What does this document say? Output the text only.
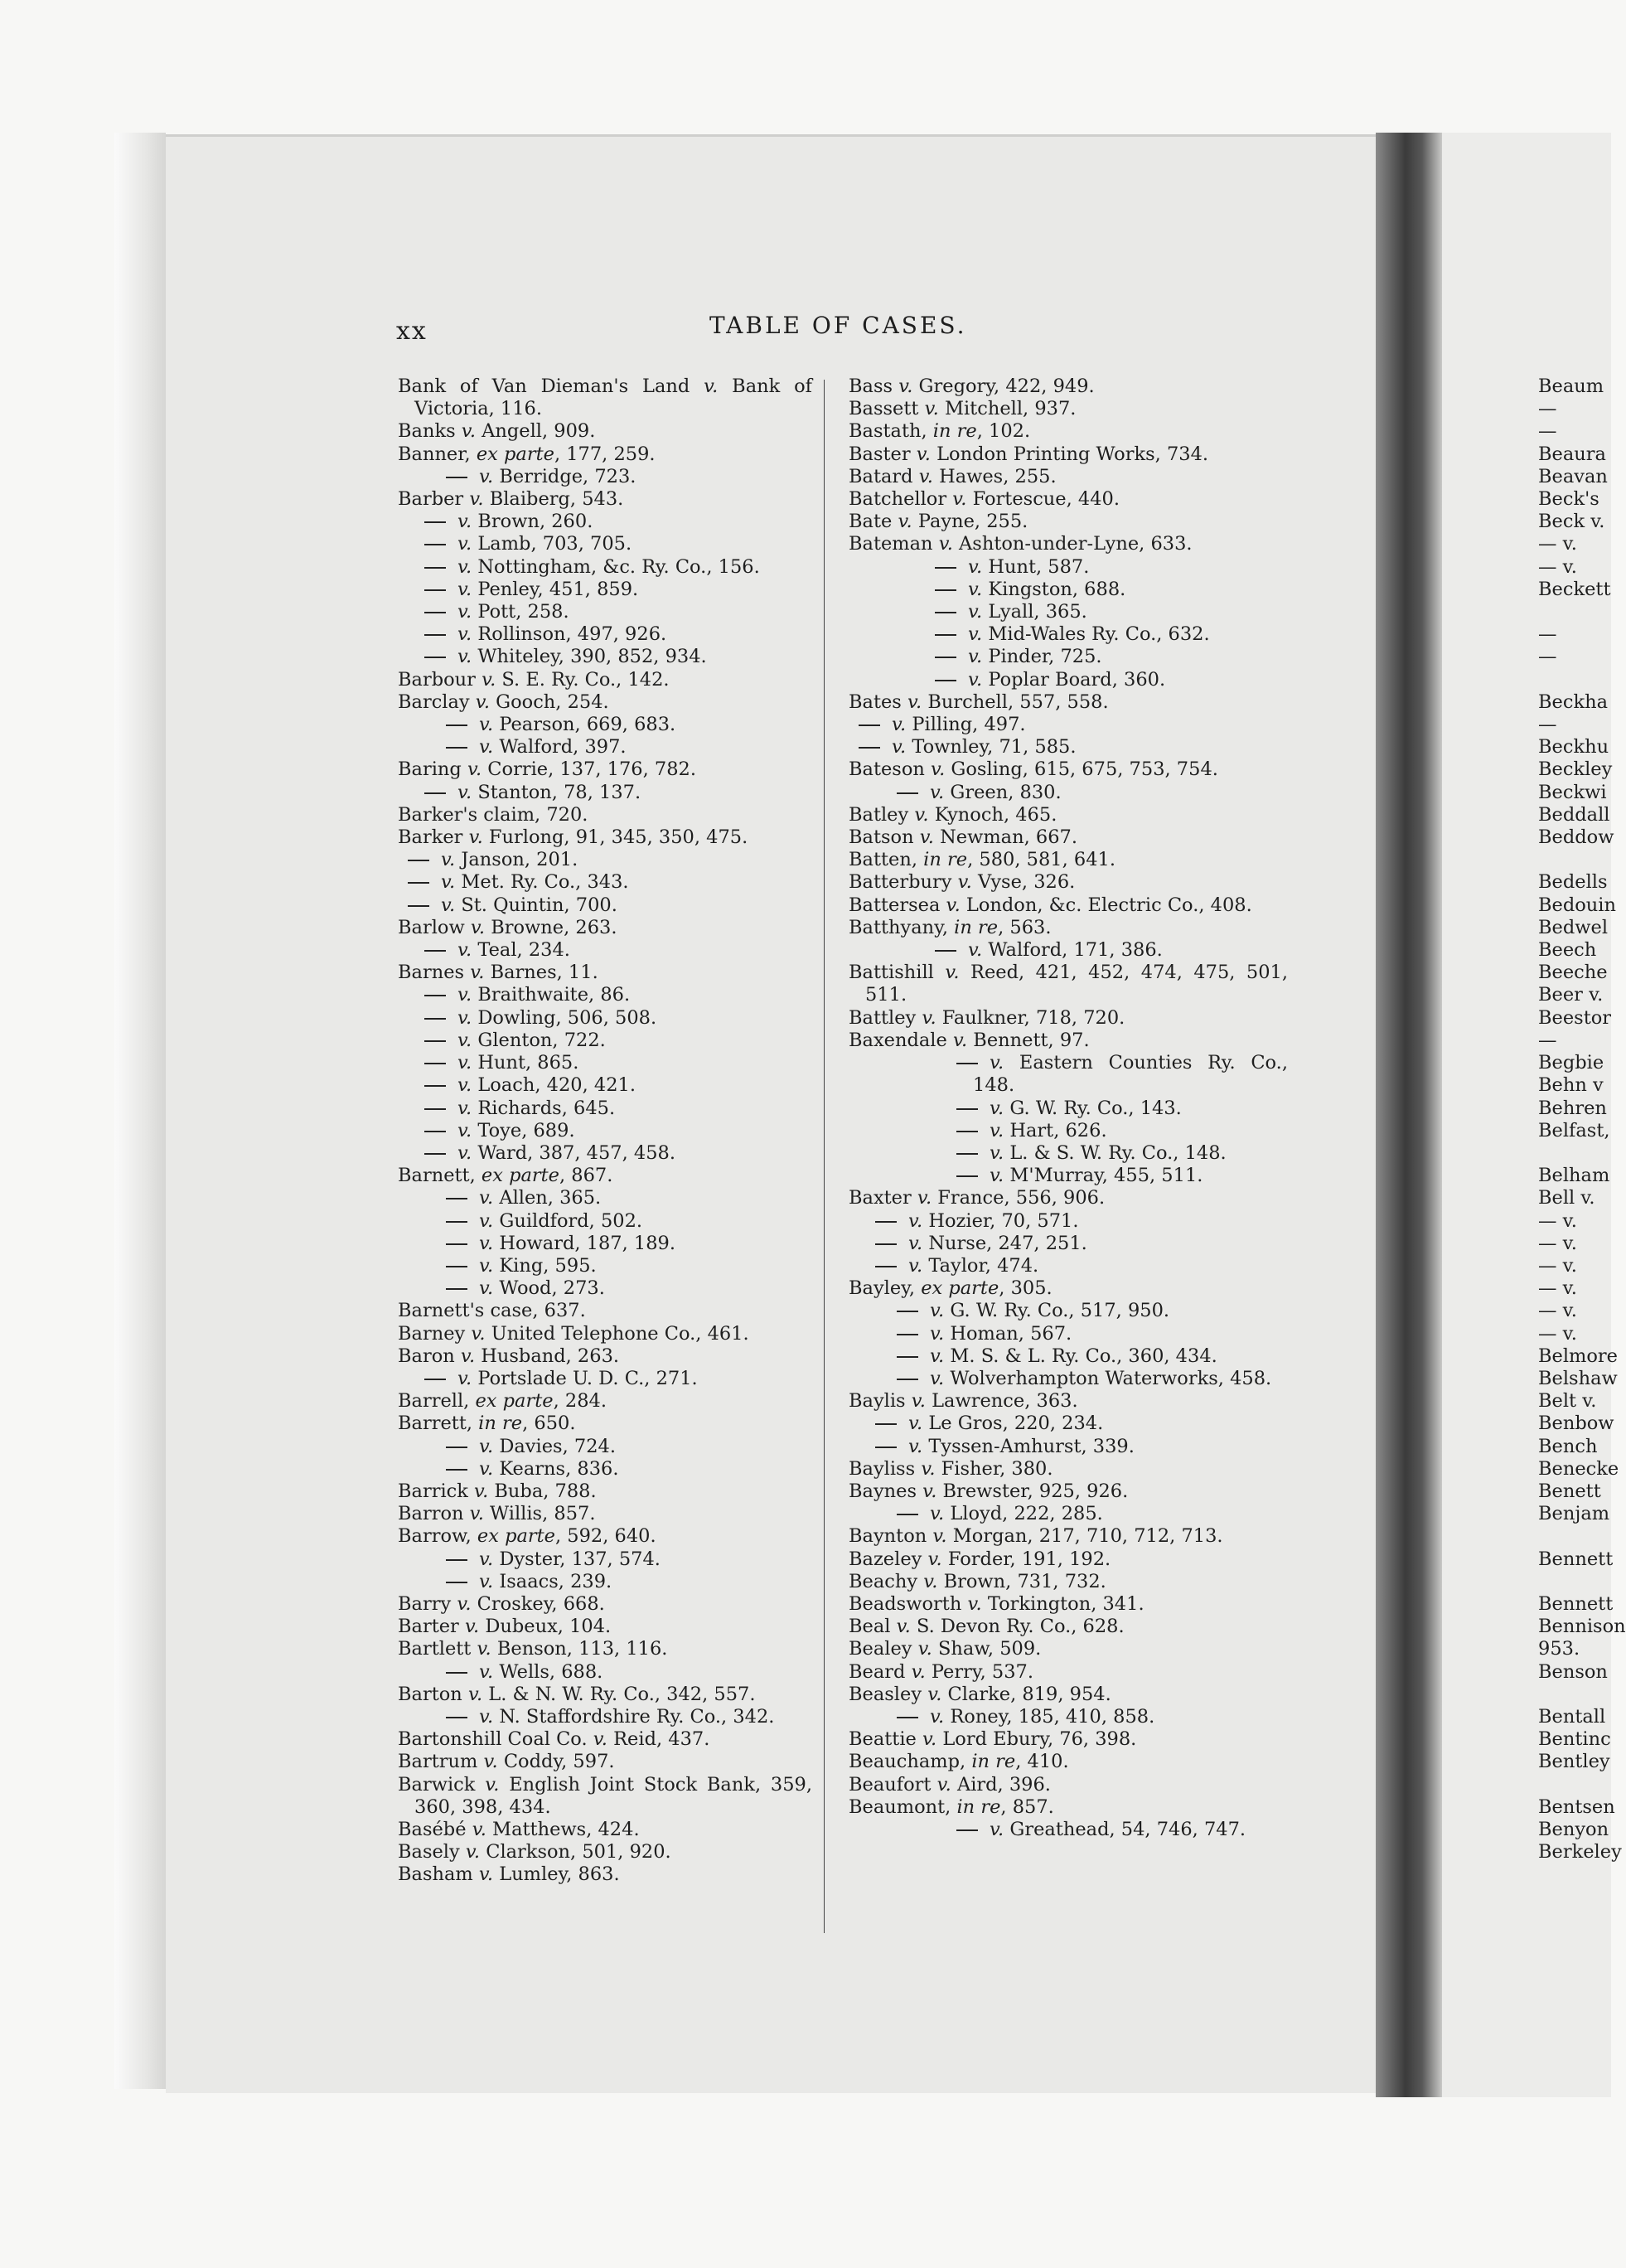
xx	TABLE OF CASES.
Bank of Van Dieman's Land v. Bank of Victoria, 116.
Banks v. Angell, 909.
Banner, ex parte, 177, 259.
v. Berridge, 723.
Barber v. Blaiberg, 543.
v. Brown, 260.
v. Lamb, 703, 705.
v. Nottingham, &c. Ry. Co., 156.
v. Penley, 451, 859.
v. Pott, 258.
v. Rollinson, 497, 926.
v. Whiteley, 390, 852, 934.
Barbour v. S. E. Ry. Co., 142.
Barclay v. Gooch, 254.
v. Pearson, 669, 683.
v. Walford, 397.
Baring v. Corrie, 137, 176, 782.
v. Stanton, 78, 137.
Barker's claim, 720.
Barker v. Furlong, 91, 345, 350, 475.
v. Janson, 201.
v. Met. Ry. Co., 343.
v. St. Quintin, 700.
Barlow v. Browne, 263.
v. Teal, 234.
Barnes v. Barnes, 11.
v. Braithwaite, 86.
v. Dowling, 506, 508.
v. Glenton, 722.
v. Hunt, 865.
v. Loach, 420, 421.
v. Richards, 645.
v. Toye, 689.
v. Ward, 387, 457, 458.
Barnett, ex parte, 867.
v. Allen, 365.
v. Guildford, 502.
v. Howard, 187, 189.
v. King, 595.
v. Wood, 273.
Barnett's case, 637.
Barney v. United Telephone Co., 461.
Baron v. Husband, 263.
v. Portslade U. D. C., 271.
Barrell, ex parte, 284.
Barrett, in re, 650.
v. Davies, 724.
v. Kearns, 836.
Barrick v. Buba, 788.
Barron v. Willis, 857.
Barrow, ex parte, 592, 640.
v. Dyster, 137, 574.
v. Isaacs, 239.
Barry v. Croskey, 668.
Barter v. Dubeux, 104.
Bartlett v. Benson, 113, 116.
v. Wells, 688.
Barton v. L. & N. W. Ry. Co., 342, 557.
v. N. Staffordshire Ry. Co., 342.
Bartonshill Coal Co. v. Reid, 437.
Bartrum v. Coddy, 597.
Barwick v. English Joint Stock Bank, 359, 360, 398, 434.
Basébé v. Matthews, 424.
Basely v. Clarkson, 501, 920.
Basham v. Lumley, 863.
Bass v. Gregory, 422, 949.
Bassett v. Mitchell, 937.
Bastath, in re, 102.
Baster v. London Printing Works, 734.
Batard v. Hawes, 255.
Batchellor v. Fortescue, 440.
Bate v. Payne, 255.
Bateman v. Ashton-under-Lyne, 633.
v. Hunt, 587.
v. Kingston, 688.
v. Lyall, 365.
v. Mid-Wales Ry. Co., 632.
v. Pinder, 725.
v. Poplar Board, 360.
Bates v. Burchell, 557, 558.
v. Pilling, 497.
v. Townley, 71, 585.
Bateson v. Gosling, 615, 675, 753, 754.
v. Green, 830.
Batley v. Kynoch, 465.
Batson v. Newman, 667.
Batten, in re, 580, 581, 641.
Batterbury v. Vyse, 326.
Battersea v. London, &c. Electric Co., 408.
Batthyany, in re, 563.
v. Walford, 171, 386.
Battishill v. Reed, 421, 452, 474, 475, 501, 511.
Battley v. Faulkner, 718, 720.
Baxendale v. Bennett, 97.
v. Eastern Counties Ry. Co., 148.
v. G. W. Ry. Co., 143.
v. Hart, 626.
v. L. & S. W. Ry. Co., 148.
v. M'Murray, 455, 511.
Baxter v. France, 556, 906.
v. Hozier, 70, 571.
v. Nurse, 247, 251.
v. Taylor, 474.
Bayley, ex parte, 305.
v. G. W. Ry. Co., 517, 950.
v. Homan, 567.
v. M. S. & L. Ry. Co., 360, 434.
v. Wolverhampton Waterworks, 458.
Baylis v. Lawrence, 363.
v. Le Gros, 220, 234.
v. Tyssen-Amhurst, 339.
Bayliss v. Fisher, 380.
Baynes v. Brewster, 925, 926.
v. Lloyd, 222, 285.
Baynton v. Morgan, 217, 710, 712, 713.
Bazeley v. Forder, 191, 192.
Beachy v. Brown, 731, 732.
Beadsworth v. Torkington, 341.
Beal v. S. Devon Ry. Co., 628.
Bealey v. Shaw, 509.
Beard v. Perry, 537.
Beasley v. Clarke, 819, 954.
v. Roney, 185, 410, 858.
Beattie v. Lord Ebury, 76, 398.
Beauchamp, in re, 410.
Beaufort v. Aird, 396.
Beaumont, in re, 857.
v. Greathead, 54, 746, 747.
Beaum
—
—
Beaura
Beavan
Beck's
Beck v.
— v.
— v.
Beckett

—
—

Beckha
—
Beckhu
Beckley
Beckwi
Beddall
Beddow

Bedells
Bedouin
Bedwel
Beech
Beeche
Beer v.
Beestor
—
Begbie
Behn v
Behren
Belfast,

Belham
Bell v.
— v.
— v.
— v.
— v.
— v.
— v.
Belmore
Belshaw
Belt v.
Benbow
Bench
Benecke
Benett
Benjam

Bennett

Bennett
Bennison
953.
Benson

Bentall
Bentinc
Bentley

Bentsen
Benyon
Berkeley
